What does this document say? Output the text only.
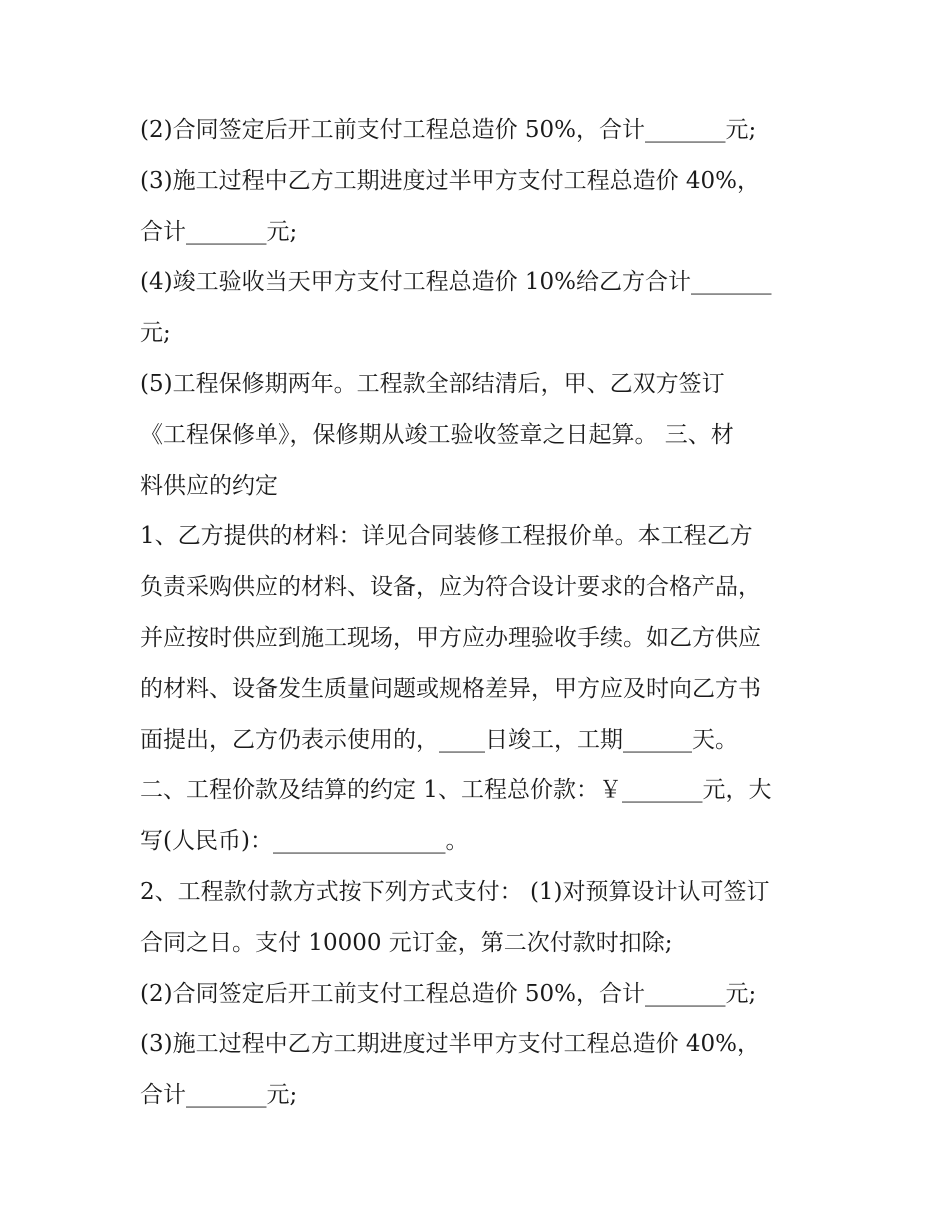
(2)合同签定后开工前支付工程总造价 50%，合计_______元;
(3)施工过程中乙方工期进度过半甲方支付工程总造价 40%，
合计_______元;
(4)竣工验收当天甲方支付工程总造价 10%给乙方合计_______
元;
(5)工程保修期两年。工程款全部结清后，甲、乙双方签订
《工程保修单》，保修期从竣工验收签章之日起算。 三、材
料供应的约定
1、乙方提供的材料：详见合同装修工程报价单。本工程乙方
负责采购供应的材料、设备，应为符合设计要求的合格产品，
并应按时供应到施工现场，甲方应办理验收手续。如乙方供应
的材料、设备发生质量问题或规格差异，甲方应及时向乙方书
面提出，乙方仍表示使用的，____日竣工，工期______天。
二、工程价款及结算的约定 1、工程总价款：￥_______元，大
写(人民币)：_______________。
2、工程款付款方式按下列方式支付： (1)对预算设计认可签订
合同之日。支付 10000 元订金，第二次付款时扣除;
(2)合同签定后开工前支付工程总造价 50%，合计_______元;
(3)施工过程中乙方工期进度过半甲方支付工程总造价 40%，
合计_______元;
